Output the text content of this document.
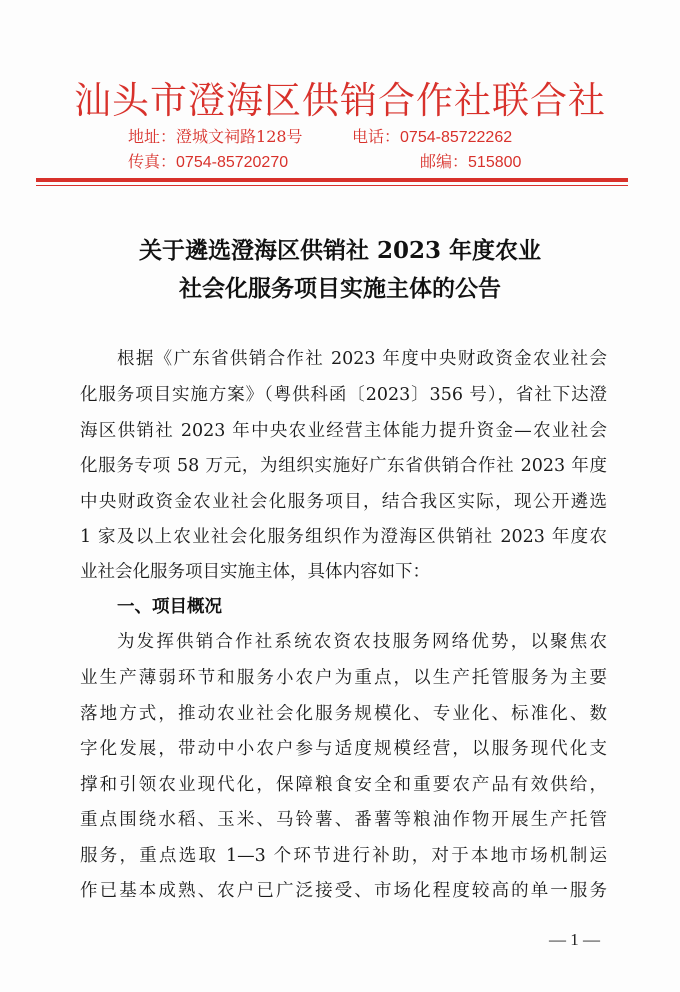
汕头市澄海区供销合作社联合社
地址：澄城文祠路128号	电话：0754-85722262
传真：0754-85720270	邮编：515800
关于遴选澄海区供销社 2023 年度农业
社会化服务项目实施主体的公告
根据《广东省供销合作社 2023 年度中央财政资金农业社会
化服务项目实施方案》（粤供科函〔2023〕356 号），省社下达澄
海区供销社 2023 年中央农业经营主体能力提升资金—农业社会
化服务专项 58 万元，为组织实施好广东省供销合作社 2023 年度
中央财政资金农业社会化服务项目，结合我区实际，现公开遴选
1 家及以上农业社会化服务组织作为澄海区供销社 2023 年度农
业社会化服务项目实施主体，具体内容如下：
一、项目概况
为发挥供销合作社系统农资农技服务网络优势，以聚焦农
业生产薄弱环节和服务小农户为重点，以生产托管服务为主要
落地方式，推动农业社会化服务规模化、专业化、标准化、数
字化发展，带动中小农户参与适度规模经营，以服务现代化支
撑和引领农业现代化，保障粮食安全和重要农产品有效供给，
重点围绕水稻、玉米、马铃薯、番薯等粮油作物开展生产托管
服务，重点选取 1—3 个环节进行补助，对于本地市场机制运
作已基本成熟、农户已广泛接受、市场化程度较高的单一服务
— 1 —
